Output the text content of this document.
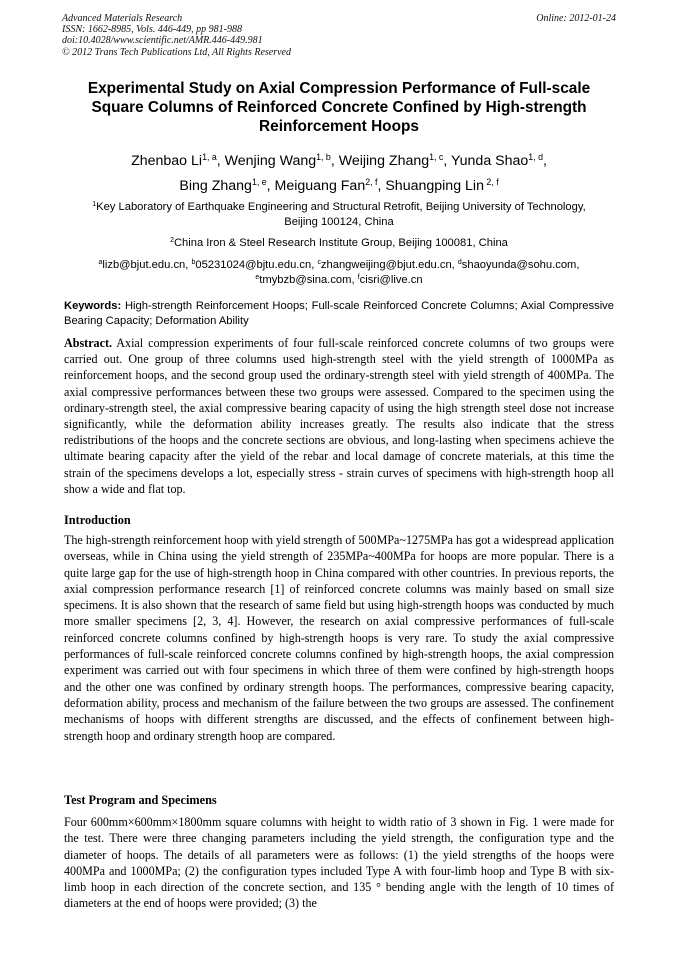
Advanced Materials Research
ISSN: 1662-8985, Vols. 446-449, pp 981-988
doi:10.4028/www.scientific.net/AMR.446-449.981
© 2012 Trans Tech Publications Ltd, All Rights Reserved
Online: 2012-01-24
Experimental Study on Axial Compression Performance of Full-scale
Square Columns of Reinforced Concrete Confined by High-strength
Reinforcement Hoops
Zhenbao Li$^{1, a}$, Wenjing Wang$^{1, b}$, Weijing Zhang$^{1, c}$, Yunda Shao$^{1, d}$,
Bing Zhang$^{1, e}$, Meiguang Fan$^{2, f}$, Shuangping Lin $^{2, f}$
$^1$Key Laboratory of Earthquake Engineering and Structural Retrofit, Beijing University of Technology,
Beijing 100124, China
$^2$China Iron & Steel Research Institute Group, Beijing 100081, China
$^a$lizb@bjut.edu.cn, $^b$05231024@bjtu.edu.cn, $^c$zhangweijing@bjut.edu.cn, $^d$shaoyunda@sohu.com,
$^e$tmybzb@sina.com, $^f$cisri@live.cn
Keywords: High-strength Reinforcement Hoops; Full-scale Reinforced Concrete Columns; Axial Compressive Bearing Capacity; Deformation Ability
Abstract. Axial compression experiments of four full-scale reinforced concrete columns of two groups were carried out. One group of three columns used high-strength steel with the yield strength of 1000MPa as reinforcement hoops, and the second group used the ordinary-strength steel with yield strength of 400MPa. The axial compressive performances between these two groups were assessed. Compared to the specimen using the ordinary-strength steel, the axial compressive bearing capacity of using the high strength steel dose not increase significantly, while the deformation ability increases greatly. The results also indicate that the stress redistributions of the hoops and the concrete sections are obvious, and long-lasting when specimens achieve the ultimate bearing capacity after the yield of the rebar and local damage of concrete materials, at this time the strain of the specimens develops a lot, especially stress - strain curves of specimens with high-strength hoop all show a wide and flat top.
Introduction
The high-strength reinforcement hoop with yield strength of 500MPa~1275MPa has got a widespread application overseas, while in China using the yield strength of 235MPa~400MPa for hoops are more popular. There is a quite large gap for the use of high-strength hoop in China compared with other countries. In previous reports, the axial compression performance research [1] of reinforced concrete columns was mainly based on small size specimens. It is also shown that the research of same field but using high-strength hoops was conducted by much more smaller specimens [2, 3, 4]. However, the research on axial compressive performances of full-scale reinforced concrete columns confined by high-strength hoops is very rare. To study the axial compressive performances of full-scale reinforced concrete columns confined by high-strength hoops, the axial compression experiment was carried out with four specimens in which three of them were confined by high-strength hoops and the other one was confined by ordinary strength hoops. The performances, compressive bearing capacity, deformation ability, process and mechanism of the failure between the two groups are assessed. The confinement mechanisms of hoops with different strengths are discussed, and the effects of confinement between high-strength hoop and ordinary strength hoop are compared.
Test Program and Specimens
Four 600mm×600mm×1800mm square columns with height to width ratio of 3 shown in Fig. 1 were made for the test. There were three changing parameters including the yield strength, the configuration type and the diameter of hoops. The details of all parameters were as follows: (1) the yield strengths of the hoops were 400MPa and 1000MPa; (2) the configuration types included Type A with four-limb hoop and Type B with six-limb hoop in each direction of the concrete section, and 135 ° bending angle with the length of 10 times of diameters at the end of hoops were provided; (3) the
